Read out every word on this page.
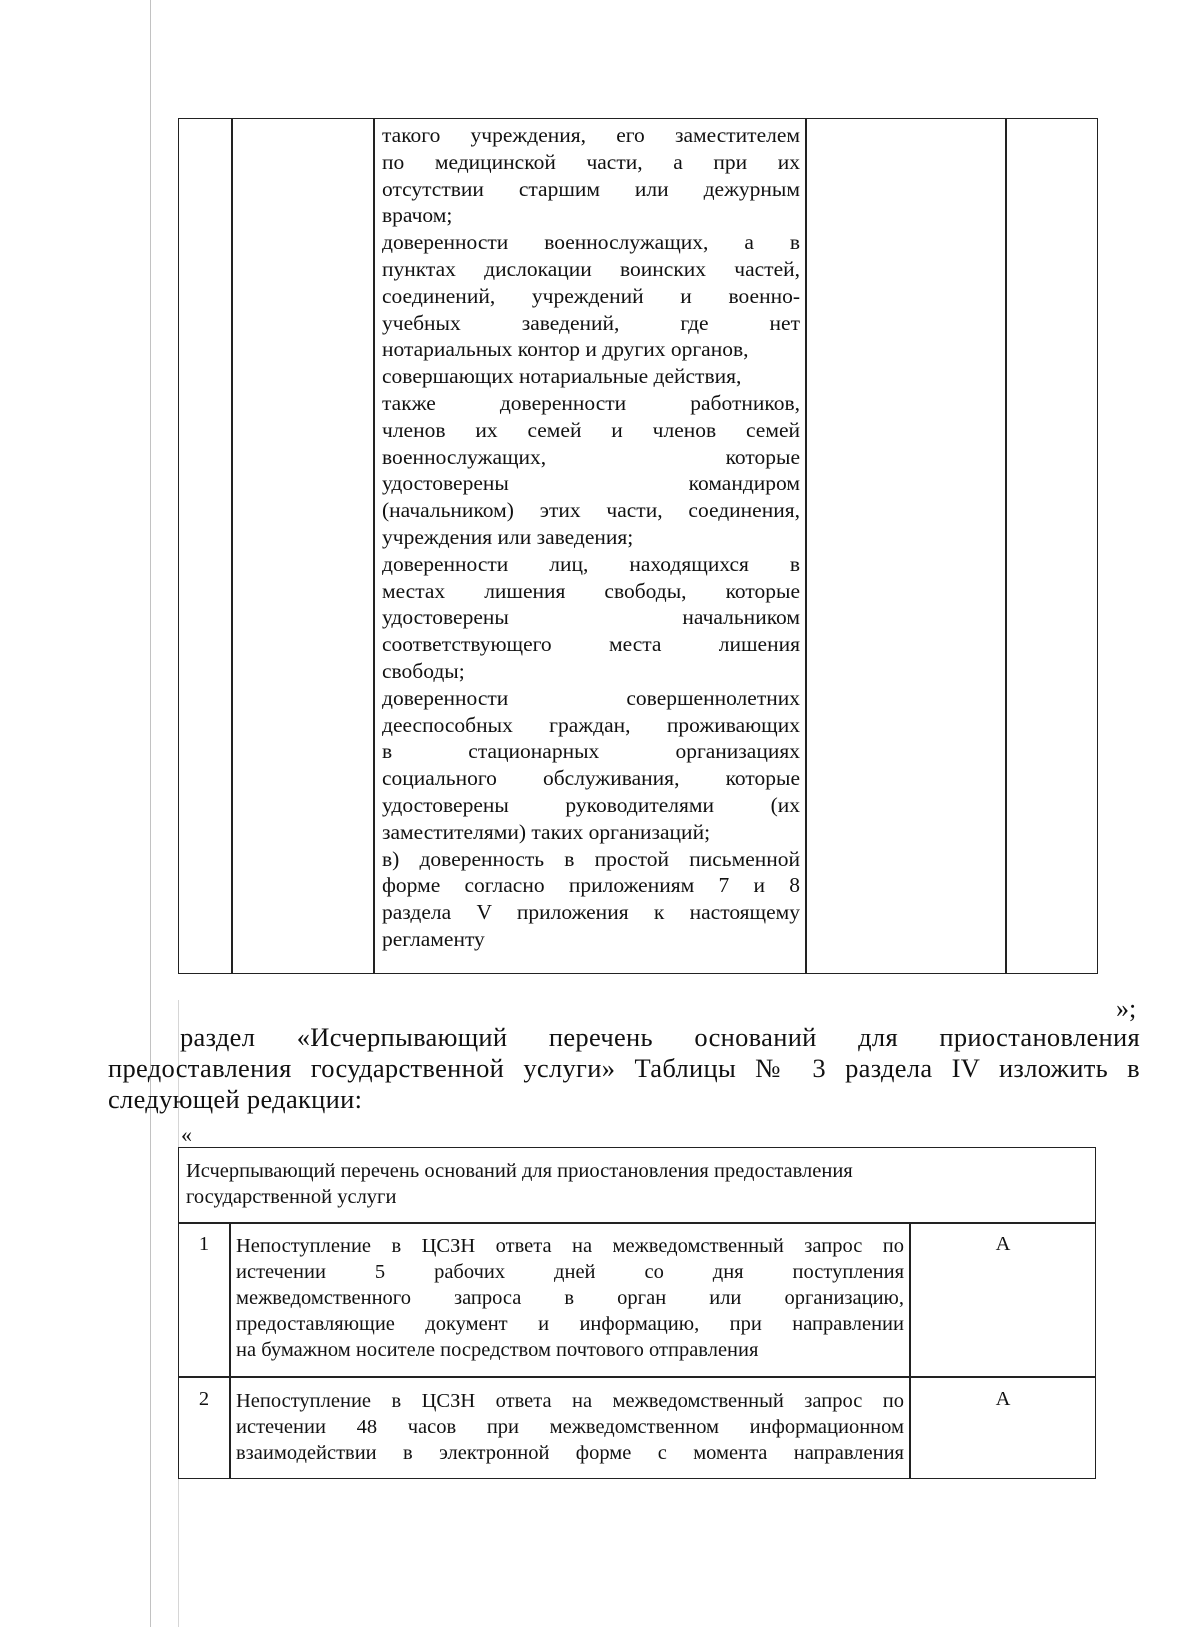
такого учреждения, его заместителем
по медицинской части, а при их
отсутствии старшим или дежурным
врачом;
доверенности военнослужащих, а в
пунктах дислокации воинских частей,
соединений, учреждений и военно-
учебных заведений, где нет
нотариальных контор и других органов,
совершающих нотариальные действия,
также доверенности работников,
членов их семей и членов семей
военнослужащих, которые
удостоверены командиром
(начальником) этих части, соединения,
учреждения или заведения;
доверенности лиц, находящихся в
местах лишения свободы, которые
удостоверены начальником
соответствующего места лишения
свободы;
доверенности совершеннолетних
дееспособных граждан, проживающих
в стационарных организациях
социального обслуживания, которые
удостоверены руководителями (их
заместителями) таких организаций;
в) доверенность в простой письменной
форме согласно приложениям 7 и 8
раздела V приложения к настоящему
регламенту
»;
раздел «Исчерпывающий перечень оснований для приостановления
предоставления государственной услуги» Таблицы № 3 раздела IV изложить в
следующей редакции:
«
Исчерпывающий перечень оснований для приостановления предоставления
государственной услуги
1	Непоступление в ЦСЗН ответа на межведомственный запрос по
истечении 5 рабочих дней со дня поступления
межведомственного запроса в орган или организацию,
предоставляющие документ и информацию, при направлении
на бумажном носителе посредством почтового отправления
А
2	Непоступление в ЦСЗН ответа на межведомственный запрос по
истечении 48 часов при межведомственном информационном
взаимодействии в электронной форме с момента направления
А
